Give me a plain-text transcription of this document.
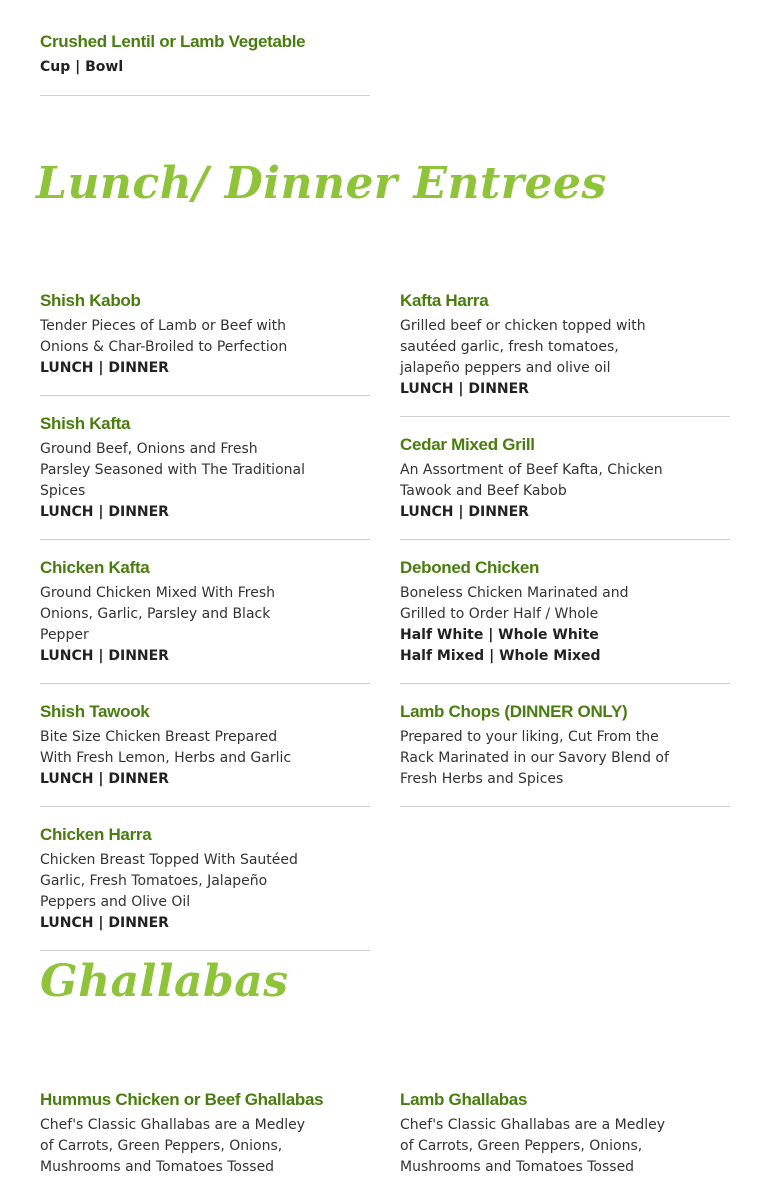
Crushed Lentil or Lamb Vegetable
Cup | Bowl
Lunch/ Dinner Entrees
Shish Kabob
Tender Pieces of Lamb or Beef with Onions & Char-Broiled to Perfection
LUNCH | DINNER
Shish Kafta
Ground Beef, Onions and Fresh Parsley Seasoned with The Traditional Spices
LUNCH | DINNER
Chicken Kafta
Ground Chicken Mixed With Fresh Onions, Garlic, Parsley and Black Pepper
LUNCH | DINNER
Shish Tawook
Bite Size Chicken Breast Prepared With Fresh Lemon, Herbs and Garlic
LUNCH | DINNER
Chicken Harra
Chicken Breast Topped With Sautéed Garlic, Fresh Tomatoes, Jalapeño Peppers and Olive Oil
LUNCH | DINNER
Kafta Harra
Grilled beef or chicken topped with sautéed garlic, fresh tomatoes, jalapeño peppers and olive oil
LUNCH | DINNER
Cedar Mixed Grill
An Assortment of Beef Kafta, Chicken Tawook and Beef Kabob
LUNCH | DINNER
Deboned Chicken
Boneless Chicken Marinated and Grilled to Order Half / Whole
Half White | Whole White
Half Mixed | Whole Mixed
Lamb Chops (DINNER ONLY)
Prepared to your liking, Cut From the Rack Marinated in our Savory Blend of Fresh Herbs and Spices
Ghallabas
Hummus Chicken or Beef Ghallabas
Chef's Classic Ghallabas are a Medley of Carrots, Green Peppers, Onions, Mushrooms and Tomatoes Tossed
Lamb Ghallabas
Chef's Classic Ghallabas are a Medley of Carrots, Green Peppers, Onions, Mushrooms and Tomatoes Tossed
